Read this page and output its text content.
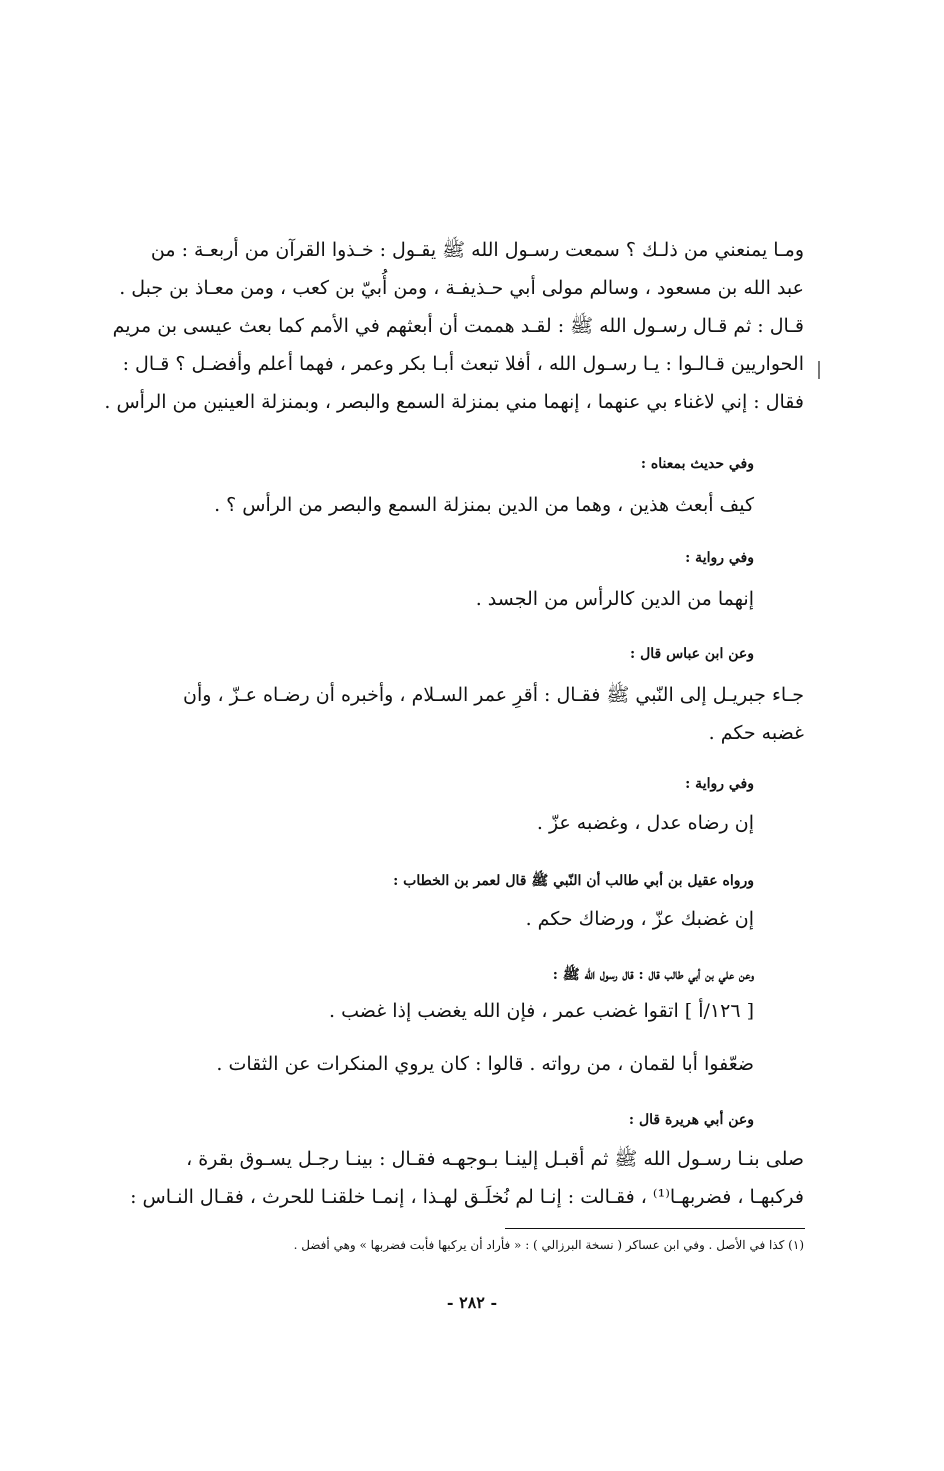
ومـا يمنعني من ذلـك ؟ سمعت رسـول الله ﷺ يقـول : خـذوا القرآن من أربعـة : من
عبد الله بن مسعود ، وسالم مولى أبي حـذيفـة ، ومن أُبيّ بن كعب ، ومن معـاذ بن جبل .
قـال : ثم قـال رسـول الله ﷺ : لقـد هممت أن أبعثهم في الأمم كما بعث عيسى بن مريم
الحواريين قـالـوا : يـا رسـول الله ، أفلا تبعث أبـا بكر وعمر ، فهما أعلم وأفضـل ؟ قـال :
فقال : إني لاغناء بي عنهما ، إنهما مني بمنزلة السمع والبصر ، وبمنزلة العينين من الرأس .
وفي حديث بمعناه :
كيف أبعث هذين ، وهما من الدين بمنزلة السمع والبصر من الرأس ؟ .
وفي رواية :
إنهما من الدين كالرأس من الجسد .
وعن ابن عباس قال :
جـاء جبريـل إلى النّبي ﷺ فقـال : أقرِ عمر السـلام ، وأخبره أن رضـاه عـزّ ، وأن
غضبه حكم .
وفي رواية :
إن رضاه عدل ، وغضبه عزّ .
ورواه عقيل بن أبي طالب أن النّبي ﷺ قال لعمر بن الخطاب :
إن غضبك عزّ ، ورضاك حكم .
وعن علي بن أبي طالب قال : قال رسول الله ﷺ :
[ ١٢٦/أ ] اتقوا غضب عمر ، فإن الله يغضب إذا غضب .
ضعّفوا أبا لقمان ، من رواته . قالوا : كان يروي المنكرات عن الثقات .
وعن أبي هريرة قال :
صلى بنـا رسـول الله ﷺ ثم أقبـل إلينـا بـوجهـه فقـال : بينـا رجـل يسـوق بقرة ،
فركبهـا ، فضربهـا⁽¹⁾ ، فقـالت : إنـا لم نُخلَـق لهـذا ، إنمـا خلقنـا للحرث ، فقـال النـاس :
(١) كذا في الأصل . وفي ابن عساكر ( نسخة البرزالي ) : « فأراد أن يركبها فأبت فضربها » وهي أفضل .
- ٢٨٢ -
